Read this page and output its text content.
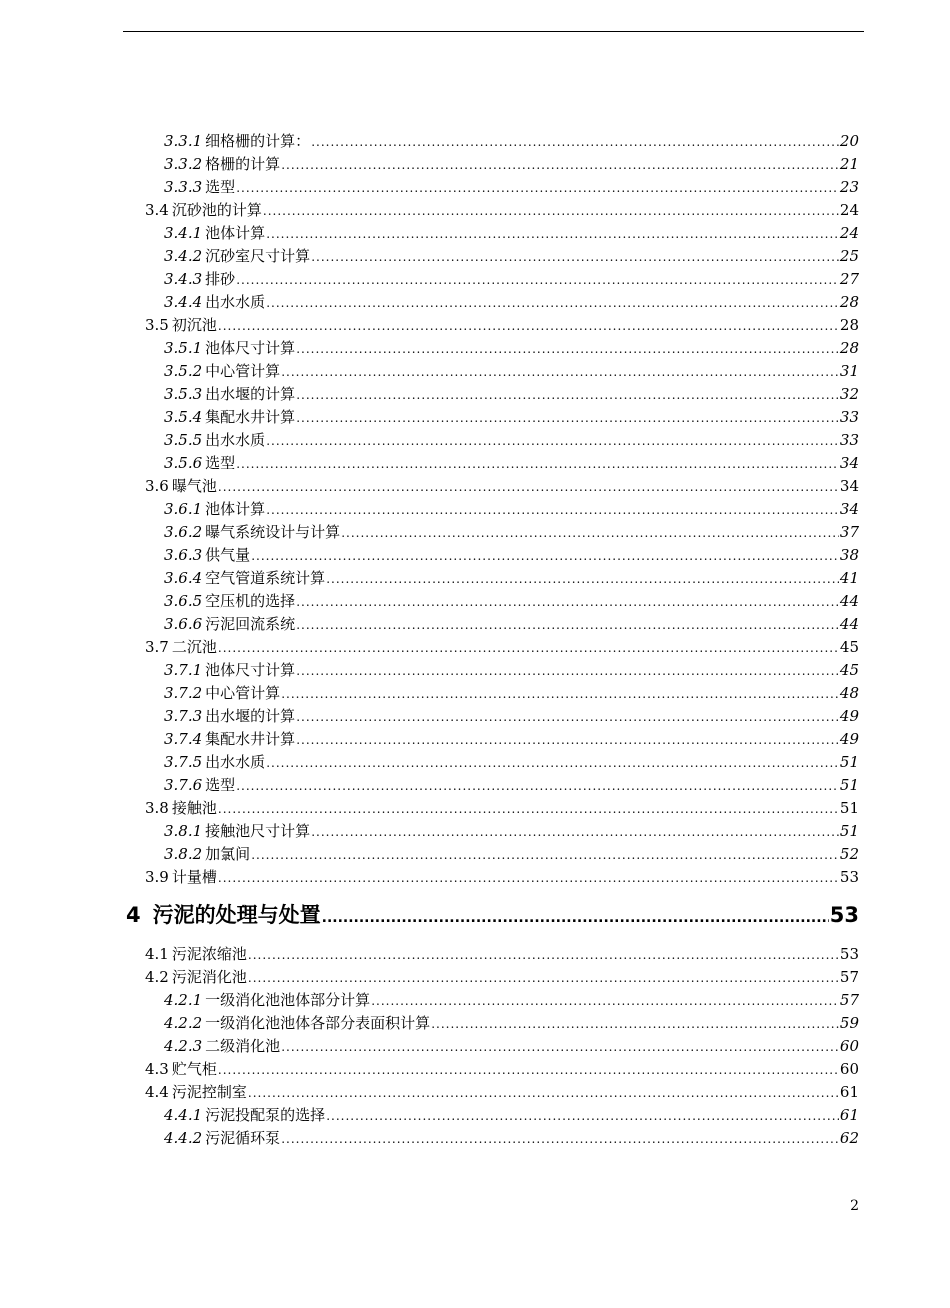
3.3.1 细格栅的计算： .....	20
3.3.2 格栅的计算 .....	21
3.3.3 选型 .....	23
3.4 沉砂池的计算 .....	24
3.4.1 池体计算 .....	24
3.4.2 沉砂室尺寸计算 .....	25
3.4.3 排砂 .....	27
3.4.4 出水水质 .....	28
3.5 初沉池 .....	28
3.5.1 池体尺寸计算 .....	28
3.5.2 中心管计算 .....	31
3.5.3 出水堰的计算 .....	32
3.5.4 集配水井计算 .....	33
3.5.5 出水水质 .....	33
3.5.6 选型 .....	34
3.6 曝气池 .....	34
3.6.1 池体计算 .....	34
3.6.2 曝气系统设计与计算 .....	37
3.6.3 供气量 .....	38
3.6.4 空气管道系统计算 .....	41
3.6.5 空压机的选择 .....	44
3.6.6 污泥回流系统 .....	44
3.7 二沉池 .....	45
3.7.1 池体尺寸计算 .....	45
3.7.2 中心管计算 .....	48
3.7.3 出水堰的计算 .....	49
3.7.4 集配水井计算 .....	49
3.7.5 出水水质 .....	51
3.7.6 选型 .....	51
3.8 接触池 .....	51
3.8.1 接触池尺寸计算 .....	51
3.8.2 加氯间 .....	52
3.9 计量槽 .....	53
4 污泥的处理与处置 .....	53
4.1 污泥浓缩池 .....	53
4.2 污泥消化池 .....	57
4.2.1 一级消化池池体部分计算 .....	57
4.2.2 一级消化池池体各部分表面积计算 .....	59
4.2.3 二级消化池 .....	60
4.3 贮气柜 .....	60
4.4 污泥控制室 .....	61
4.4.1 污泥投配泵的选择 .....	61
4.4.2 污泥循环泵 .....	62
2
